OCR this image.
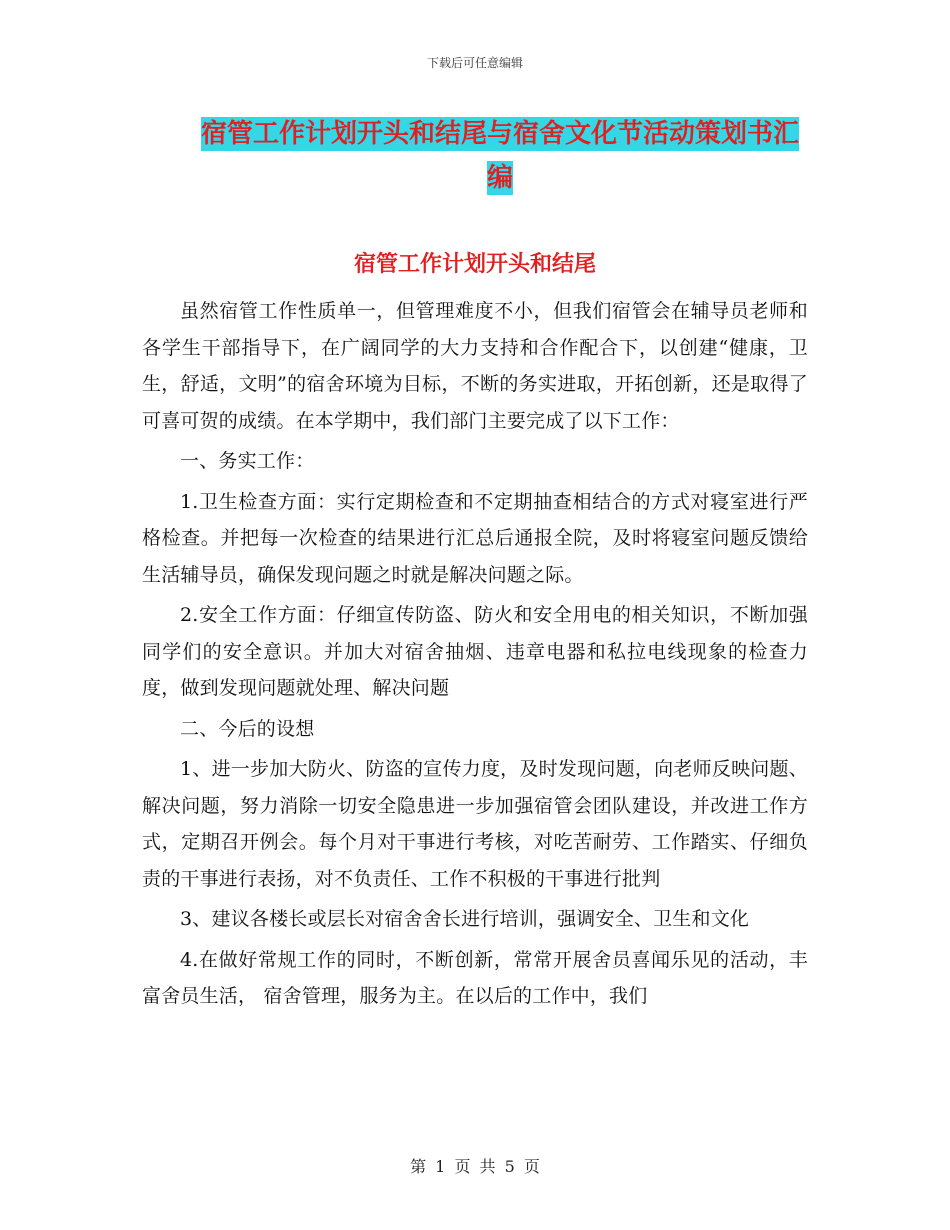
下载后可任意编辑
宿管工作计划开头和结尾与宿舍文化节活动策划书汇编
宿管工作计划开头和结尾

虽然宿管工作性质单一，但管理难度不小，但我们宿管会在辅导员老师和各学生干部指导下，在广阔同学的大力支持和合作配合下，以创建“健康，卫生，舒适，文明”的宿舍环境为目标，不断的务实进取，开拓创新，还是取得了可喜可贺的成绩。在本学期中，我们部门主要完成了以下工作：

一、务实工作：

1.卫生检查方面：实行定期检查和不定期抽查相结合的方式对寝室进行严格检查。并把每一次检查的结果进行汇总后通报全院，及时将寝室问题反馈给生活辅导员，确保发现问题之时就是解决问题之际。

2.安全工作方面：仔细宣传防盗、防火和安全用电的相关知识，不断加强同学们的安全意识。并加大对宿舍抽烟、违章电器和私拉电线现象的检查力度，做到发现问题就处理、解决问题

二、今后的设想

1、进一步加大防火、防盗的宣传力度，及时发现问题，向老师反映问题、解决问题，努力消除一切安全隐患进一步加强宿管会团队建设，并改进工作方式，定期召开例会。每个月对干事进行考核，对吃苦耐劳、工作踏实、仔细负责的干事进行表扬，对不负责任、工作不积极的干事进行批判

3、建议各楼长或层长对宿舍舍长进行培训，强调安全、卫生和文化

4.在做好常规工作的同时，不断创新，常常开展舍员喜闻乐见的活动，丰富舍员生活， 宿舍管理，服务为主。在以后的工作中，我们

第 1 页 共 5 页
